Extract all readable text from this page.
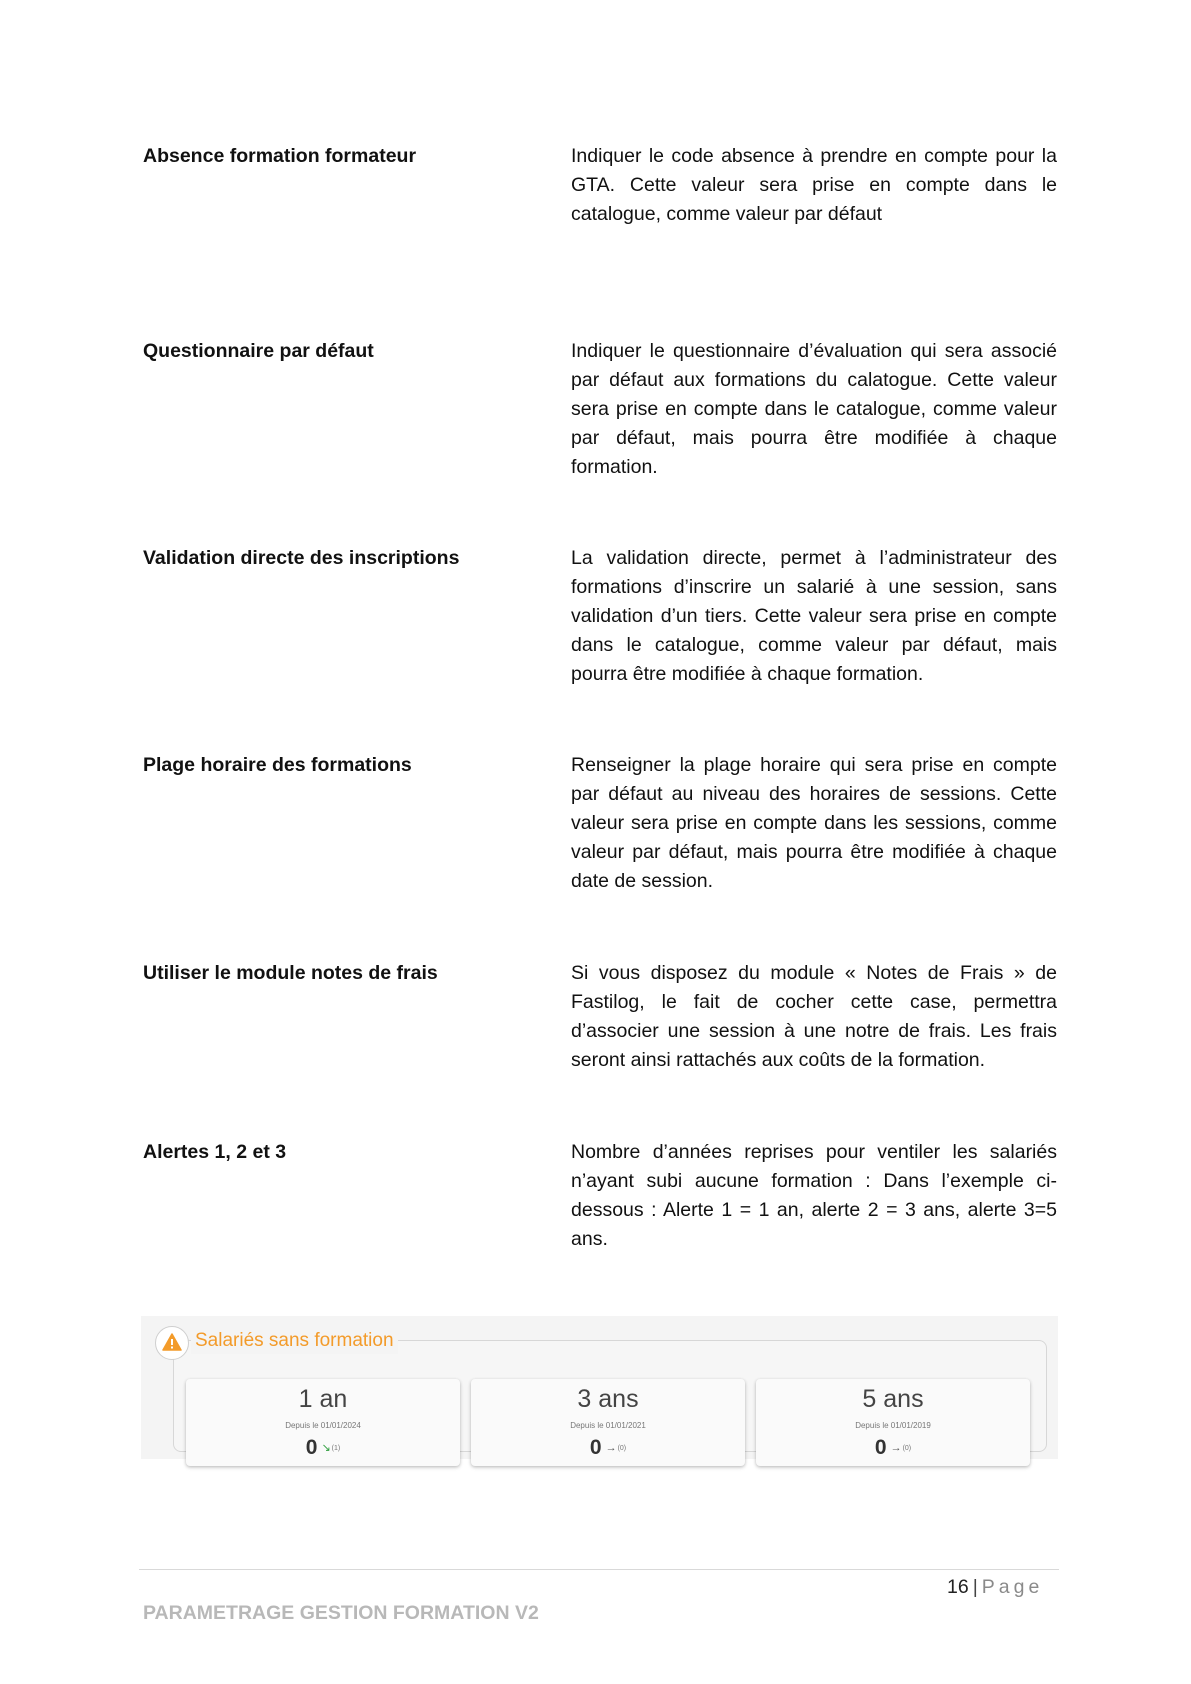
Absence formation formateur	Indiquer le code absence à prendre en compte pour la GTA. Cette valeur sera prise en compte dans le catalogue, comme valeur par défaut
Questionnaire par défaut	Indiquer le questionnaire d’évaluation qui sera associé par défaut aux formations du calatogue. Cette valeur sera prise en compte dans le catalogue, comme valeur par défaut, mais pourra être modifiée à chaque formation.
Validation directe des inscriptions	La validation directe, permet à l’administrateur des formations d’inscrire un salarié à une session, sans validation d’un tiers. Cette valeur sera prise en compte dans le catalogue, comme valeur par défaut, mais pourra être modifiée à chaque formation.
Plage horaire des formations	Renseigner la plage horaire qui sera prise en compte par défaut au niveau des horaires de sessions. Cette valeur sera prise en compte dans les sessions, comme valeur par défaut, mais pourra être modifiée à chaque date de session.
Utiliser le module notes de frais	Si vous disposez du module « Notes de Frais » de Fastilog, le fait de cocher cette case, permettra d’associer une session à une notre de frais. Les frais seront ainsi rattachés aux coûts de la formation.
Alertes 1, 2 et 3	Nombre d’années reprises pour ventiler les salariés n’ayant subi aucune formation : Dans l’exemple ci-dessous : Alerte 1 = 1 an, alerte 2 = 3 ans, alerte 3=5 ans.
1 an
Depuis le 01/01/2024
0 ↘(1)
3 ans
Depuis le 01/01/2021
0 →(0)
5 ans
Depuis le 01/01/2019
0 →(0)
Salariés sans formation
16 | Page
PARAMETRAGE GESTION FORMATION V2
